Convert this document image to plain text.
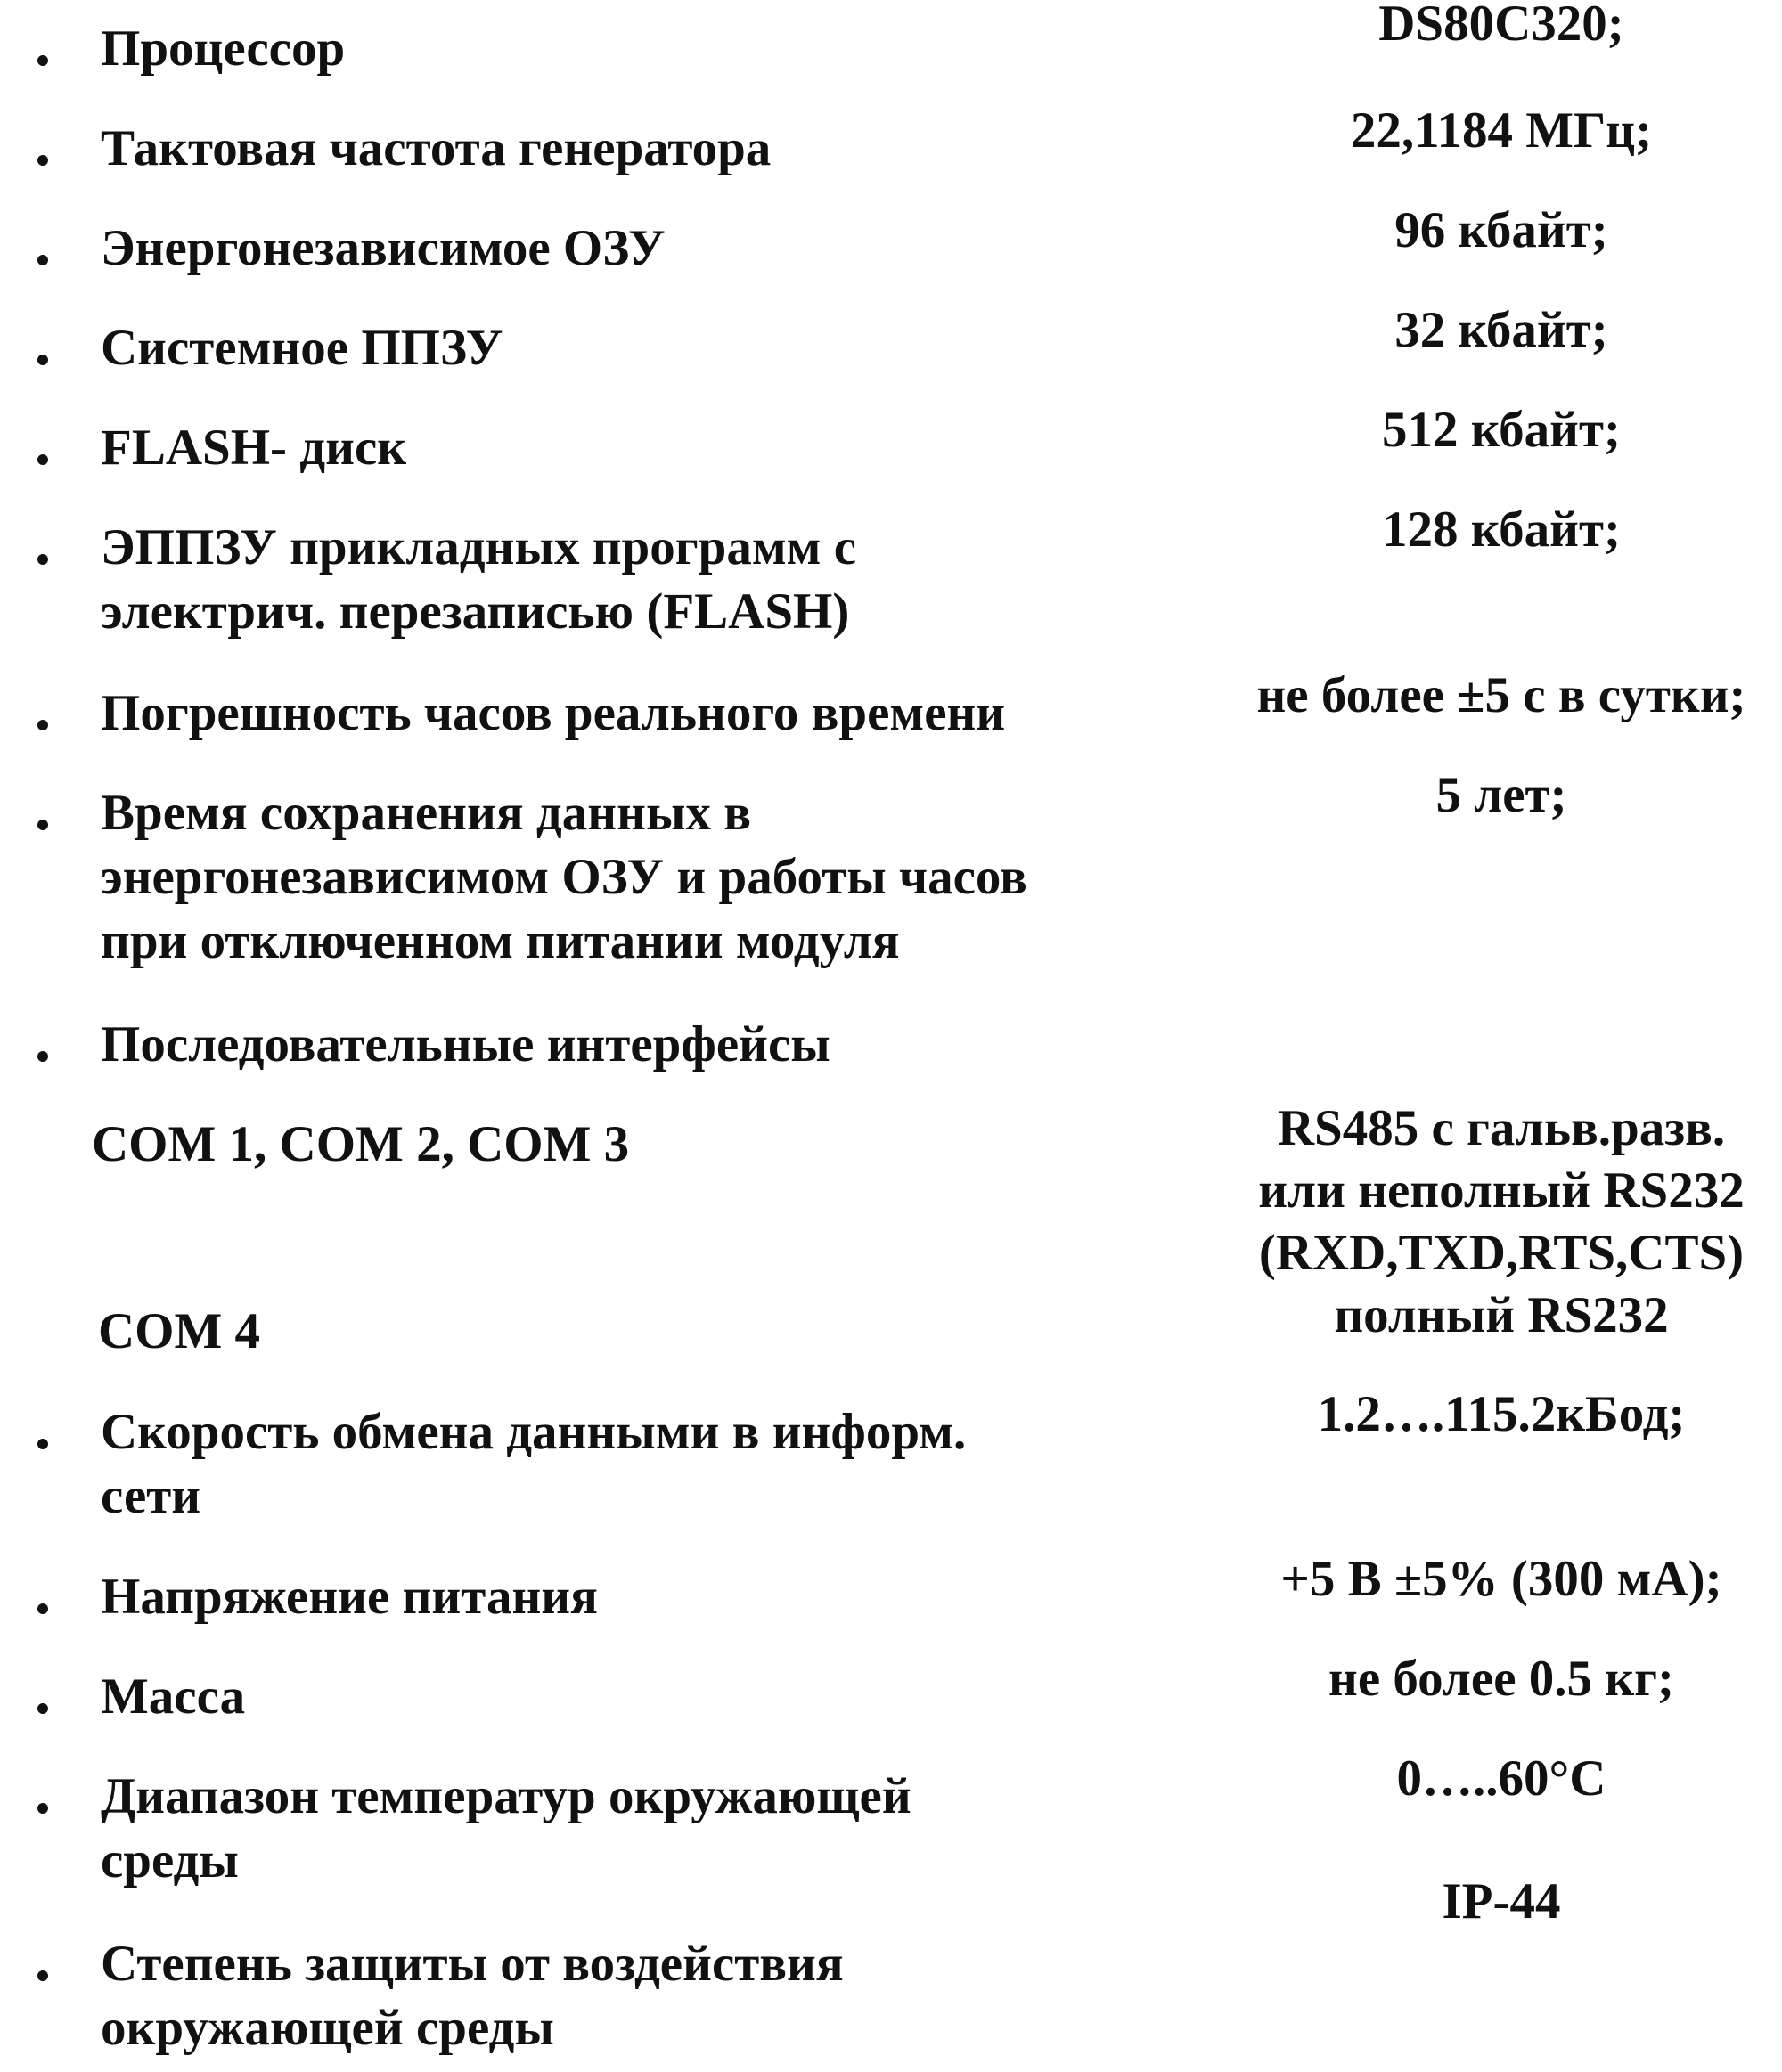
Процессор
Тактовая частота генератора
Энергонезависимое ОЗУ
Системное ППЗУ
FLASH- диск
ЭППЗУ прикладных программ с
электрич. перезаписью (FLASH)
Погрешность часов реального времени
Время сохранения данных в
энергонезависимом ОЗУ и работы часов
при отключенном питании модуля
Последовательные интерфейсы
COM 1, COM 2, COM 3
COM 4
Скорость обмена данными в информ.
сети
Напряжение питания
Масса
Диапазон температур окружающей
среды
Степень защиты от воздействия
окружающей среды
DS80C320;
22,1184 МГц;
96 кбайт;
32 кбайт;
512 кбайт;
128 кбайт;
не более ±5 с в сутки;
5 лет;
RS485 с гальв.разв.
или неполный RS232
(RXD,TXD,RTS,CTS)
полный RS232
1.2….115.2кБод;
+5 В ±5% (300 мА);
не более 0.5 кг;
0…..60°C
IP-44
